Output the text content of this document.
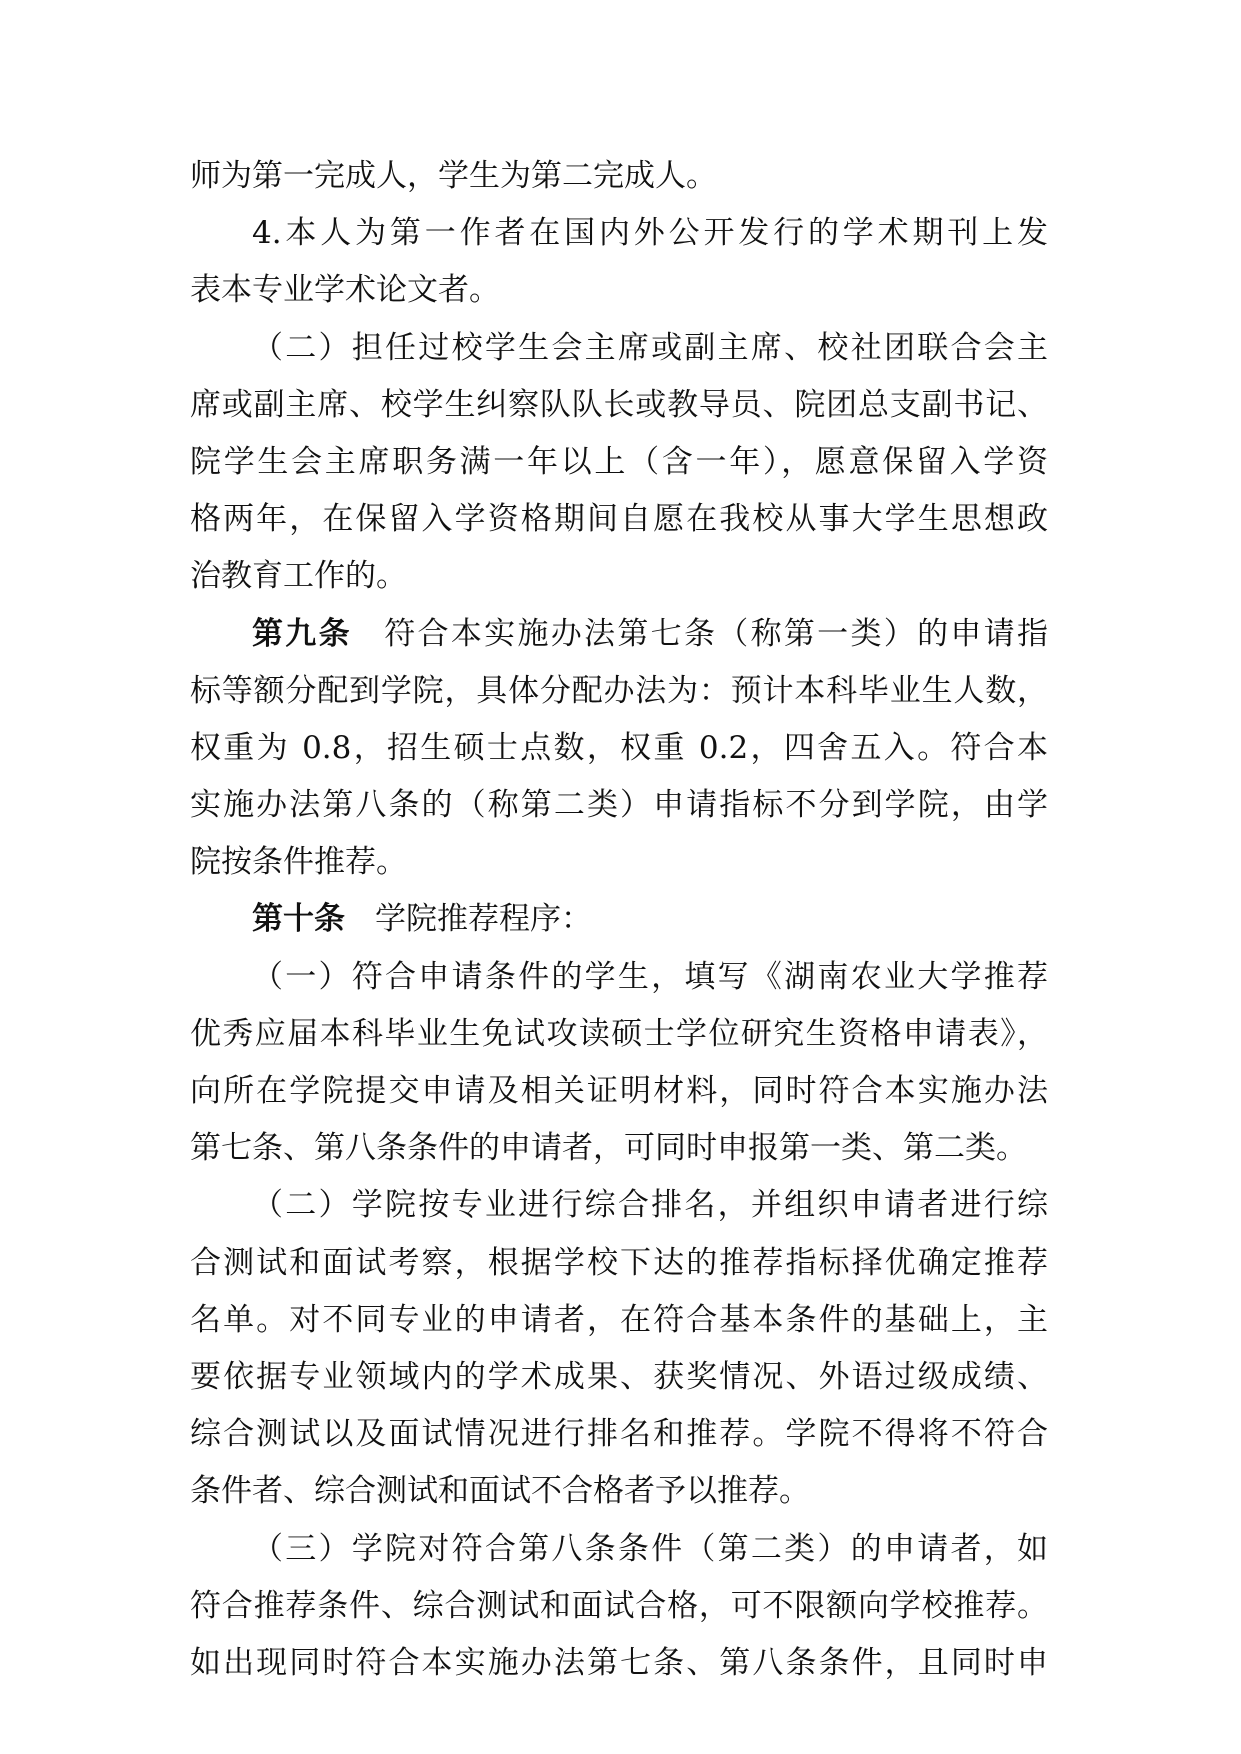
师为第一完成人，学生为第二完成人。
4.本人为第一作者在国内外公开发行的学术期刊上发
表本专业学术论文者。
（二）担任过校学生会主席或副主席、校社团联合会主
席或副主席、校学生纠察队队长或教导员、院团总支副书记、
院学生会主席职务满一年以上（含一年），愿意保留入学资
格两年，在保留入学资格期间自愿在我校从事大学生思想政
治教育工作的。
第九条 符合本实施办法第七条（称第一类）的申请指
标等额分配到学院，具体分配办法为：预计本科毕业生人数，
权重为 0.8，招生硕士点数，权重 0.2，四舍五入。符合本
实施办法第八条的（称第二类）申请指标不分到学院，由学
院按条件推荐。
第十条 学院推荐程序：
（一）符合申请条件的学生，填写《湖南农业大学推荐
优秀应届本科毕业生免试攻读硕士学位研究生资格申请表》，
向所在学院提交申请及相关证明材料，同时符合本实施办法
第七条、第八条条件的申请者，可同时申报第一类、第二类。
（二）学院按专业进行综合排名，并组织申请者进行综
合测试和面试考察，根据学校下达的推荐指标择优确定推荐
名单。对不同专业的申请者，在符合基本条件的基础上，主
要依据专业领域内的学术成果、获奖情况、外语过级成绩、
综合测试以及面试情况进行排名和推荐。学院不得将不符合
条件者、综合测试和面试不合格者予以推荐。
（三）学院对符合第八条条件（第二类）的申请者，如
符合推荐条件、综合测试和面试合格，可不限额向学校推荐。
如出现同时符合本实施办法第七条、第八条条件，且同时申
